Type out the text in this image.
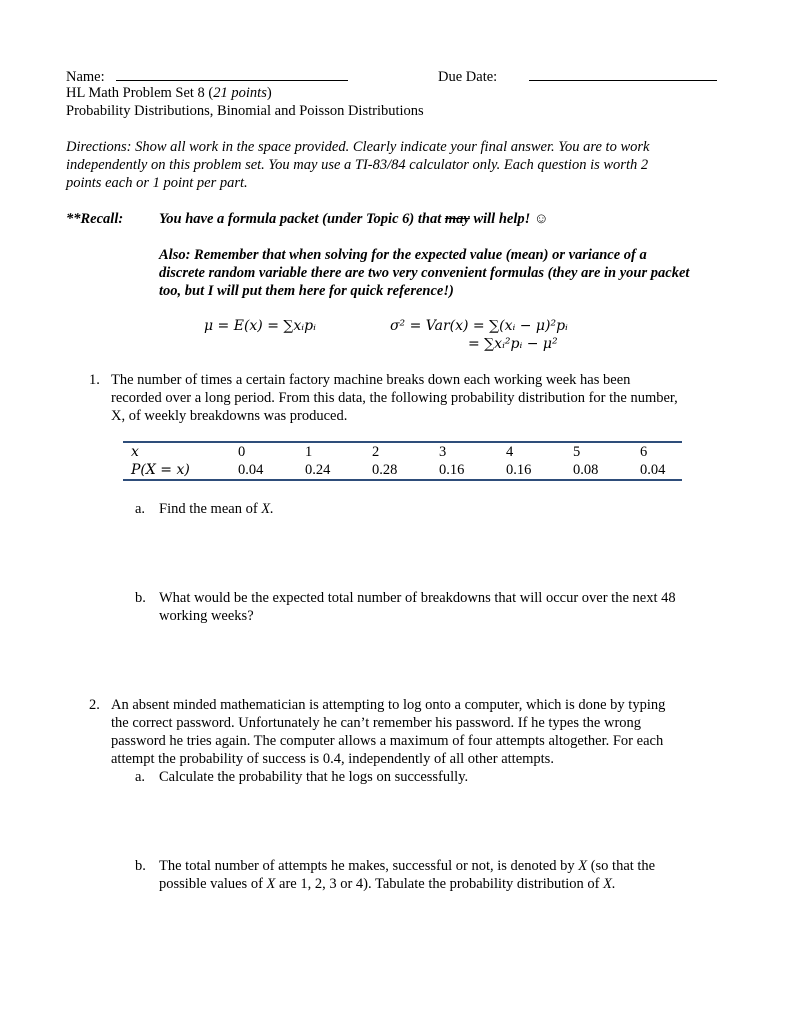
Name:	Due Date:
HL Math Problem Set 8 (21 points)
Probability Distributions, Binomial and Poisson Distributions
Directions: Show all work in the space provided. Clearly indicate your final answer. You are to work
independently on this problem set. You may use a TI-83/84 calculator only. Each question is worth 2
points each or 1 point per part.
**Recall: You have a formula packet (under Topic 6) that may will help! ☺
Also: Remember that when solving for the expected value (mean) or variance of a
discrete random variable there are two very convenient formulas (they are in your packet
too, but I will put them here for quick reference!)
μ = E(x) = ∑xᵢpᵢ	σ² = Var(x) = ∑(xᵢ − μ)²pᵢ
= ∑xᵢ²pᵢ − μ²
1. The number of times a certain factory machine breaks down each working week has been
recorded over a long period. From this data, the following probability distribution for the number,
X, of weekly breakdowns was produced.
x	0	1	2	3	4	5	6
P(X = x)	0.04	0.24	0.28	0.16	0.16	0.08	0.04
a. Find the mean of X.
b. What would be the expected total number of breakdowns that will occur over the next 48
working weeks?
2. An absent minded mathematician is attempting to log onto a computer, which is done by typing
the correct password. Unfortunately he can’t remember his password. If he types the wrong
password he tries again. The computer allows a maximum of four attempts altogether. For each
attempt the probability of success is 0.4, independently of all other attempts.
a. Calculate the probability that he logs on successfully.
b. The total number of attempts he makes, successful or not, is denoted by X (so that the
possible values of X are 1, 2, 3 or 4). Tabulate the probability distribution of X.
